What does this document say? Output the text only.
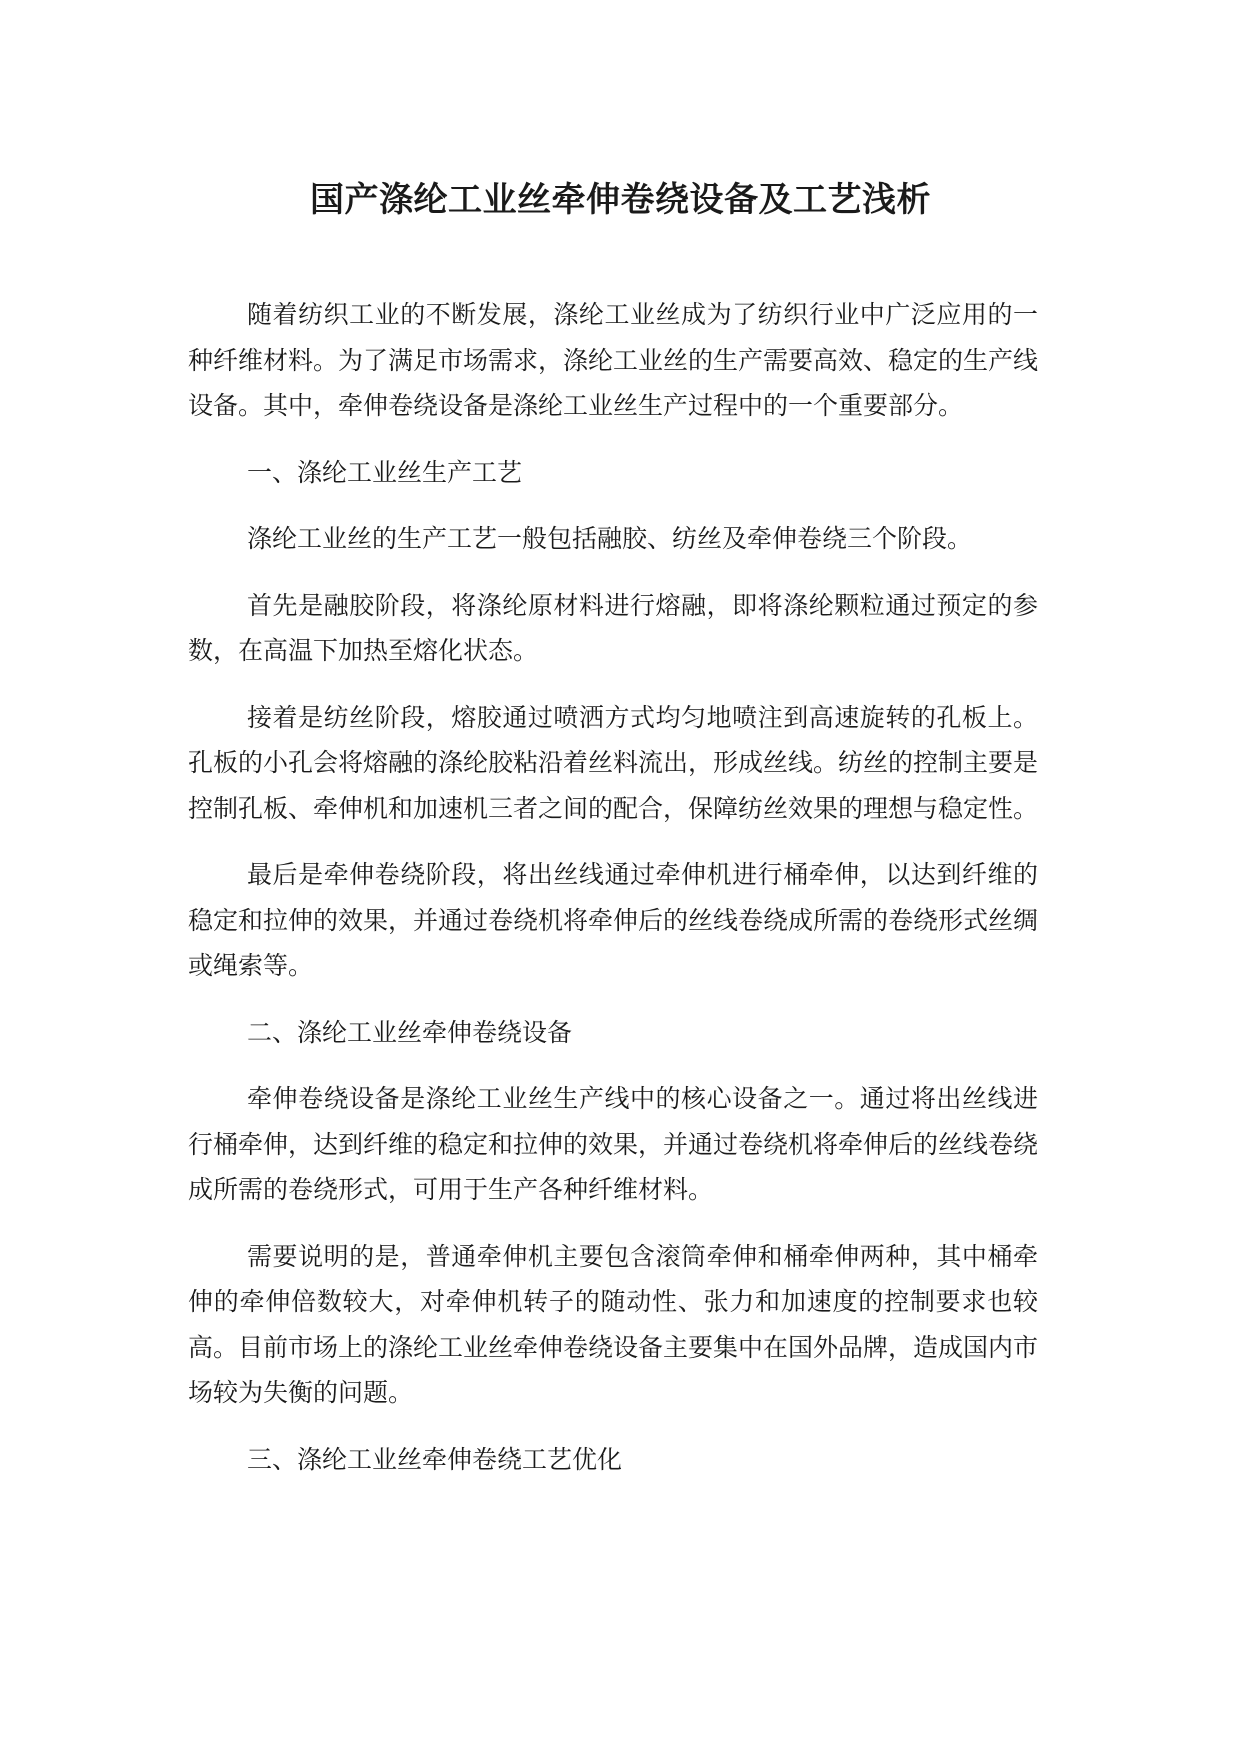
国产涤纶工业丝牵伸卷绕设备及工艺浅析

随着纺织工业的不断发展，涤纶工业丝成为了纺织行业中广泛应用的一种纤维材料。为了满足市场需求，涤纶工业丝的生产需要高效、稳定的生产线设备。其中，牵伸卷绕设备是涤纶工业丝生产过程中的一个重要部分。

一、涤纶工业丝生产工艺

涤纶工业丝的生产工艺一般包括融胶、纺丝及牵伸卷绕三个阶段。

首先是融胶阶段，将涤纶原材料进行熔融，即将涤纶颗粒通过预定的参数，在高温下加热至熔化状态。

接着是纺丝阶段，熔胶通过喷洒方式均匀地喷注到高速旋转的孔板上。孔板的小孔会将熔融的涤纶胶粘沿着丝料流出，形成丝线。纺丝的控制主要是控制孔板、牵伸机和加速机三者之间的配合，保障纺丝效果的理想与稳定性。

最后是牵伸卷绕阶段，将出丝线通过牵伸机进行桶牵伸，以达到纤维的稳定和拉伸的效果，并通过卷绕机将牵伸后的丝线卷绕成所需的卷绕形式丝绸或绳索等。

二、涤纶工业丝牵伸卷绕设备

牵伸卷绕设备是涤纶工业丝生产线中的核心设备之一。通过将出丝线进行桶牵伸，达到纤维的稳定和拉伸的效果，并通过卷绕机将牵伸后的丝线卷绕成所需的卷绕形式，可用于生产各种纤维材料。

需要说明的是，普通牵伸机主要包含滚筒牵伸和桶牵伸两种，其中桶牵伸的牵伸倍数较大，对牵伸机转子的随动性、张力和加速度的控制要求也较高。目前市场上的涤纶工业丝牵伸卷绕设备主要集中在国外品牌，造成国内市场较为失衡的问题。

三、涤纶工业丝牵伸卷绕工艺优化
